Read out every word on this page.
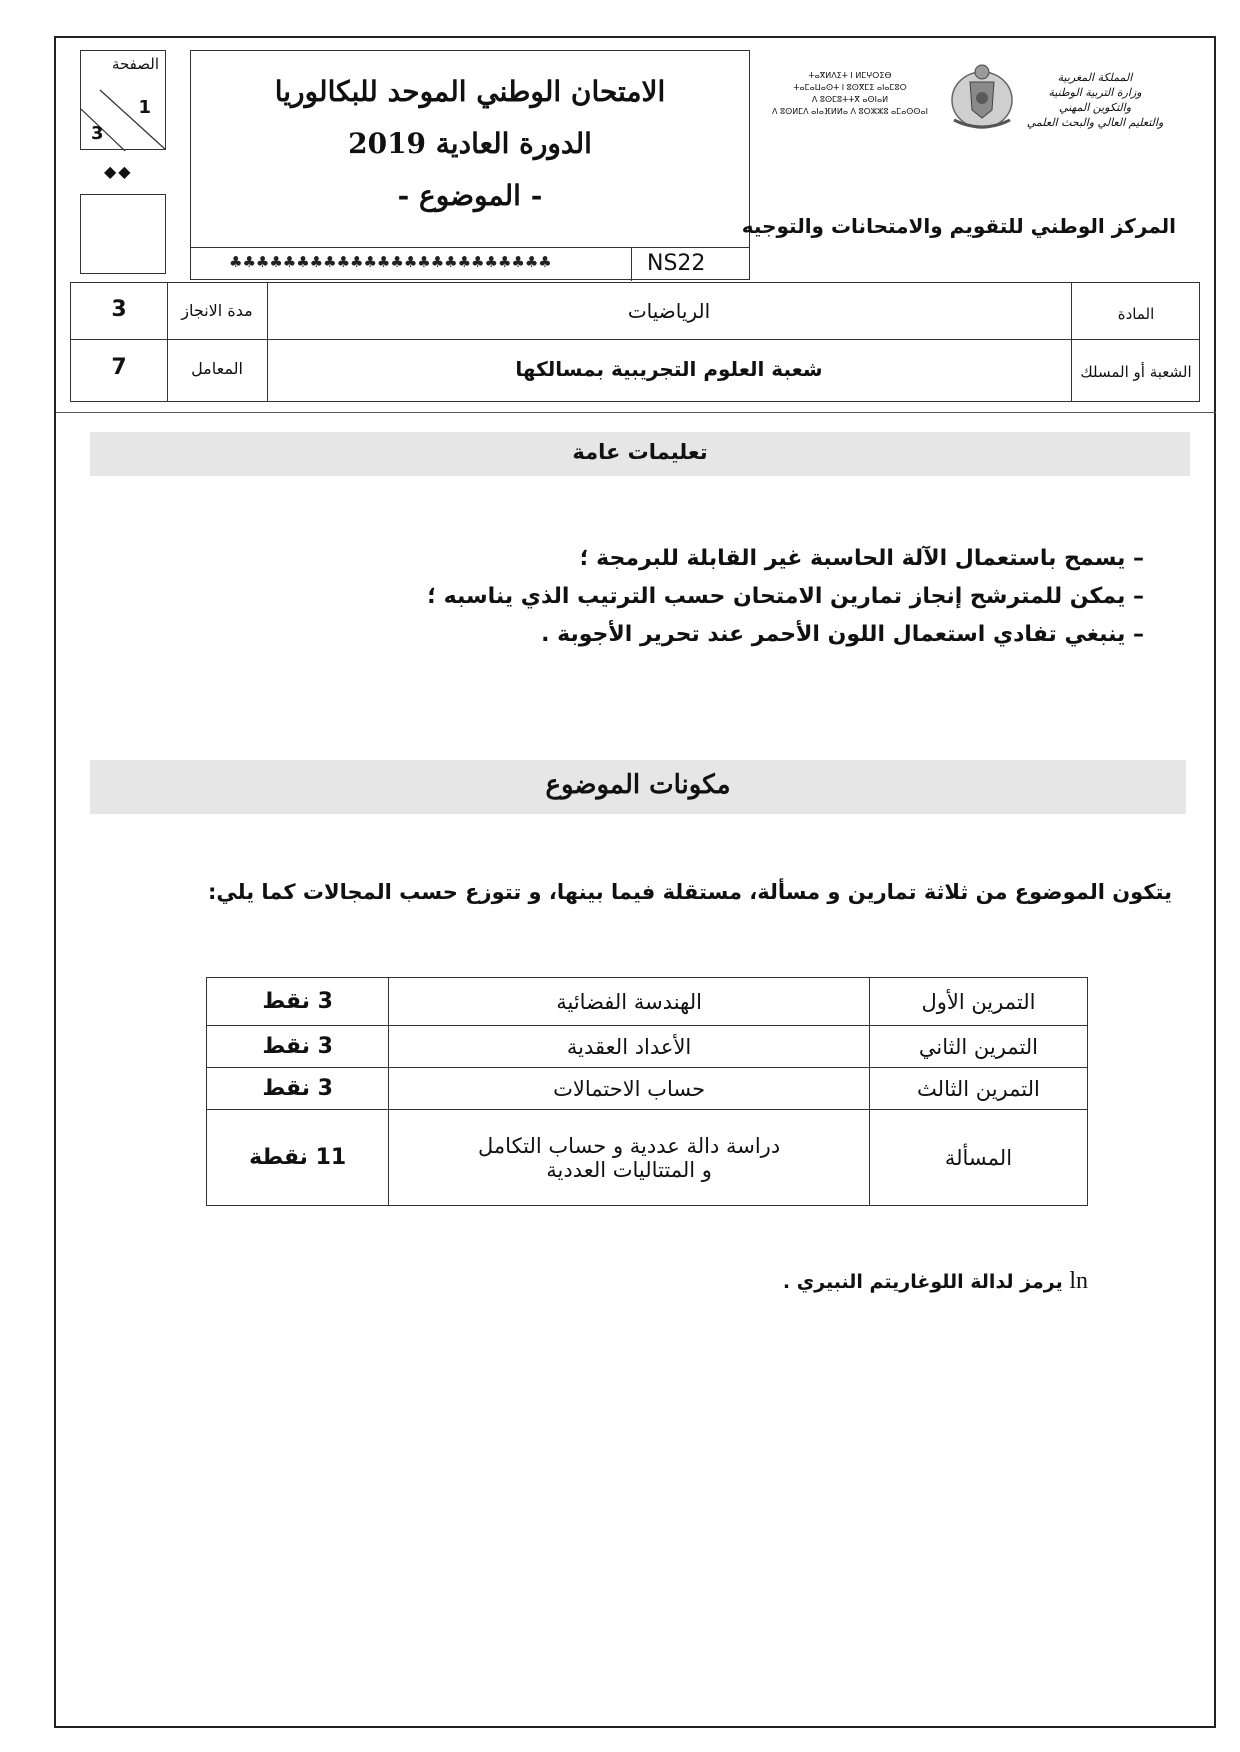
الصفحة
1
3
◆◆
الامتحان الوطني الموحد للبكالوريا
الدورة العادية 2019
- الموضوع -
♣♣♣♣♣♣♣♣♣♣♣♣♣♣♣♣♣♣♣♣♣♣♣♣	NS22
ⵜⴰⴳⵍⴷⵉⵜ ⵏ ⵍⵎⵖⵔⵉⴱ
ⵜⴰⵎⴰⵡⴰⵙⵜ ⵏ ⵓⵙⴳⵎⵉ ⴰⵏⴰⵎⵓⵔ
ⴷ ⵓⵙⵎⵓⵜⵜⴳ ⴰⵙⵏⴰⵍ
ⴷ ⵓⵙⵍⵎⴷ ⴰⵏⴰⴼⵍⵍⴰ ⴷ ⵓⵔⵣⵣⵓ ⴰⵎⴰⵙⵙⴰⵏ
المملكة المغربية
وزارة التربية الوطنية
والتكوين المهني
والتعليم العالي والبحث العلمي
المركز الوطني للتقويم والامتحانات والتوجيه
3	مدة الانجاز	الرياضيات	المادة
7	المعامل	شعبة العلوم التجريبية بمسالكها	الشعبة أو المسلك
تعليمات عامة
– يسمح باستعمال الآلة الحاسبة غير القابلة للبرمجة ؛
– يمكن للمترشح إنجاز تمارين الامتحان حسب الترتيب الذي يناسبه ؛
– ينبغي تفادي استعمال اللون الأحمر عند تحرير الأجوبة .
مكونات الموضوع
يتكون الموضوع من ثلاثة تمارين و مسألة، مستقلة فيما بينها، و تتوزع حسب المجالات كما يلي:
التمرين الأول	الهندسة الفضائية	3 نقط
التمرين الثاني	الأعداد العقدية	3 نقط
التمرين الثالث	حساب الاحتمالات	3 نقط
المسألة	دراسة دالة عددية و حساب التكامل
و المتتاليات العددية	11 نقطة
ln يرمز لدالة اللوغاريتم النبيري .
